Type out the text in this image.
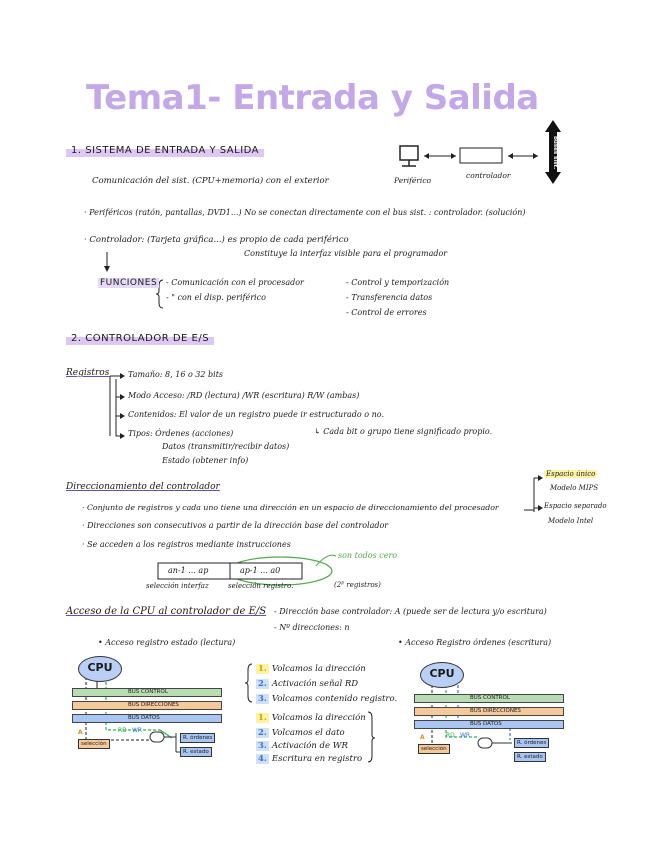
Tema1- Entrada y Salida
1. SISTEMA DE ENTRADA Y SALIDA
Periférico
controlador
buses sist.
Comunicación del sist. (CPU+memoria) con el exterior
· Periféricos (ratón, pantallas, DVD1...) No se conectan directamente con el bus sist. : controlador. (solución)
· Controlador: (Tarjeta gráfica...) es propio de cada periférico
Constituye la interfaz visible para el programador
FUNCIONES - Comunicación con el procesador
- " con el disp. periférico
- Control y temporización
- Transferencia datos
- Control de errores
2. CONTROLADOR DE E/S
Registros Tamaño: 8, 16 o 32 bits
Modo Acceso: /RD (lectura) /WR (escritura) R/W (ambas)
Contenidos: El valor de un registro puede ir estructurado o no.
Tipos: Órdenes (acciones)
Datos (transmitir/recibir datos)
Estado (obtener info)
↳ Cada bit o grupo tiene significado propio.
Direccionamiento del controlador
· Conjunto de registros y cada uno tiene una dirección en un espacio de direccionamiento del procesador
· Direcciones son consecutivos a partir de la dirección base del controlador
· Se acceden a los registros mediante instrucciones
Espacio único
Modelo MIPS
Espacio separado
Modelo Intel
an-1 ... ap	ap-1 ... a0
selección interfaz	selección registro.	(2ᴾ registros)
son todos cero
Acceso de la CPU al controlador de E/S - Dirección base controlador: A (puede ser de lectura y/o escritura)
- Nº direcciones: n
• Acceso registro estado (lectura)	• Acceso Registro órdenes (escritura)
CPU
BUS CONTROL
BUS DIRECCIONES
BUS DATOS
selección
R. órdenes
R. estado
RD WR
A
1. Volcamos la dirección
2. Activación señal RD
3. Volcamos contenido registro.
1. Volcamos la dirección
2. Volcamos el dato
3. Activación de WR
4. Escritura en registro
CPU
BUS CONTROL
BUS DIRECCIONES
BUS DATOS
selección
R. órdenes
R. estado
RD WR
A
